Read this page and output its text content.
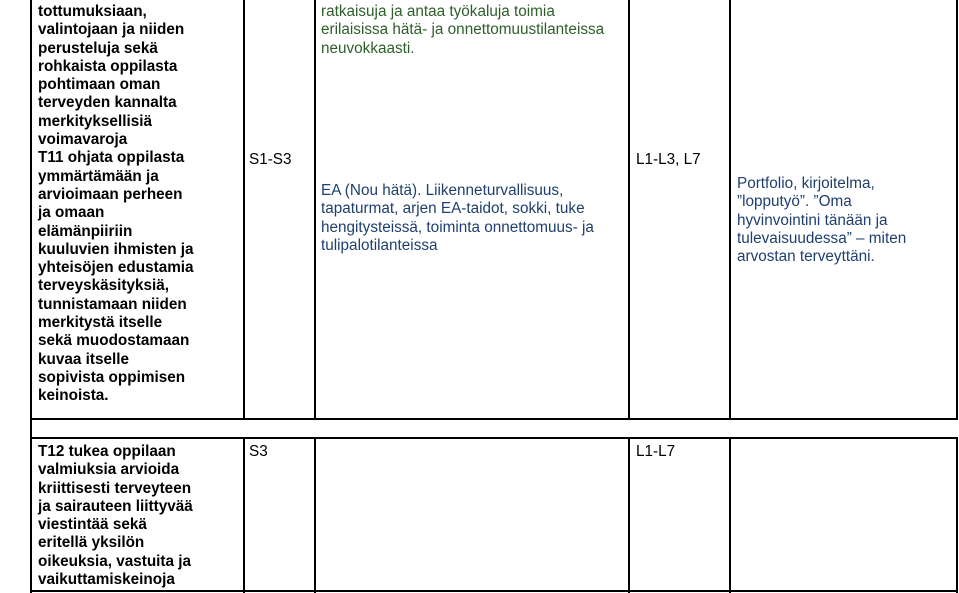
tottumuksiaan,
valintojaan ja niiden
perusteluja sekä
rohkaista oppilasta
pohtimaan oman
terveyden kannalta
merkityksellisiä
voimavaroja
T11 ohjata oppilasta
ymmärtämään ja
arvioimaan perheen
ja omaan
elämänpiiriin
kuuluvien ihmisten ja
yhteisöjen edustamia
terveyskäsityksiä,
tunnistamaan niiden
merkitystä itselle
sekä muodostamaan
kuvaa itselle
sopivista oppimisen
keinoista.
S1-S3
ratkaisuja ja antaa työkaluja toimia
erilaisissa hätä- ja onnettomuustilanteissa
neuvokkaasti.
EA (Nou hätä). Liikenneturvallisuus,
tapaturmat, arjen EA-taidot, sokki, tuke
hengitysteissä, toiminta onnettomuus- ja
tulipalotilanteissa
L1-L3, L7
Portfolio, kirjoitelma,
”lopputyö”. ”Oma
hyvinvointini tänään ja
tulevaisuudessa” – miten
arvostan terveyttäni.
T12 tukea oppilaan
valmiuksia arvioida
kriittisesti terveyteen
ja sairauteen liittyvää
viestintää sekä
eritellä yksilön
oikeuksia, vastuita ja
vaikuttamiskeinoja
S3	L1-L7
